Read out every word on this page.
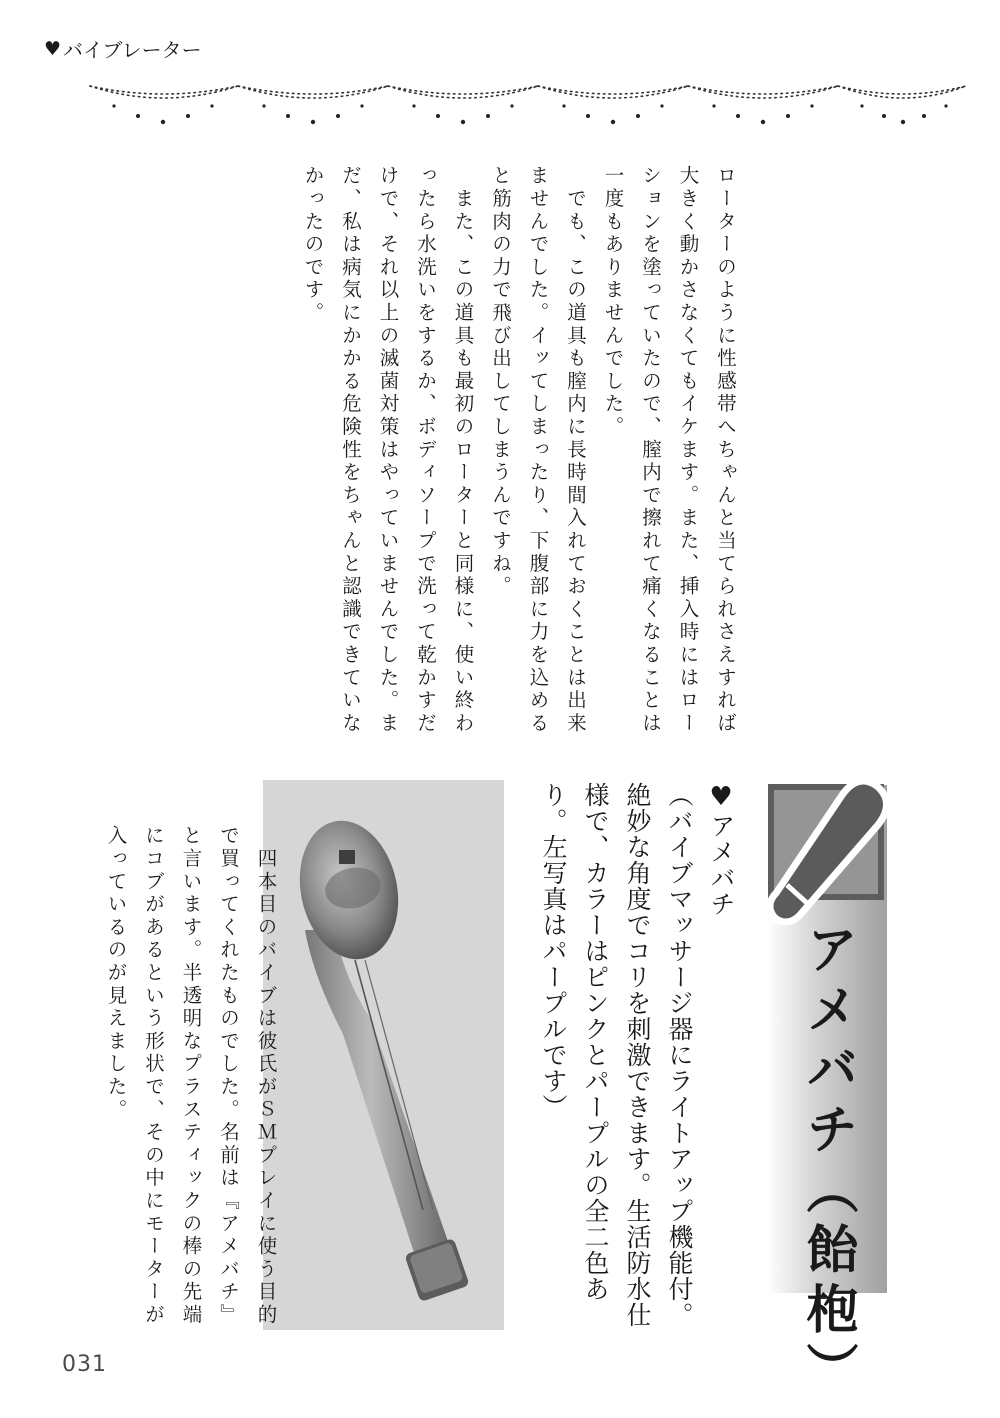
♥ バイブレーター

ローターのように性感帯へちゃんと当てられさえすれば大きく動かさなくてもイケます。また、挿入時にはローションを塗っていたので、膣内で擦れて痛くなることは一度もありませんでした。

　でも、この道具も膣内に長時間入れておくことは出来ませんでした。イッてしまったり、下腹部に力を込めると筋肉の力で飛び出してしまうんですね。

　また、この道具も最初のローターと同様に、使い終わったら水洗いをするか、ボディソープで洗って乾かすだけで、それ以上の滅菌対策はやっていませんでした。まだ、私は病気にかかる危険性をちゃんと認識できていなかったのです。

アメバチ（飴枹）
♥アメバチ
（バイブマッサージ器にライトアップ機能付。絶妙な角度でコリを刺激できます。生活防水仕様で、カラーはピンクとパープルの全二色あり。左写真はパープルです）

　四本目のバイブは彼氏がＳＭプレイに使う目的で買ってくれたものでした。名前は『アメバチ』と言います。半透明なプラスティックの棒の先端にコブがあるという形状で、その中にモーターが入っているのが見えました。

031
